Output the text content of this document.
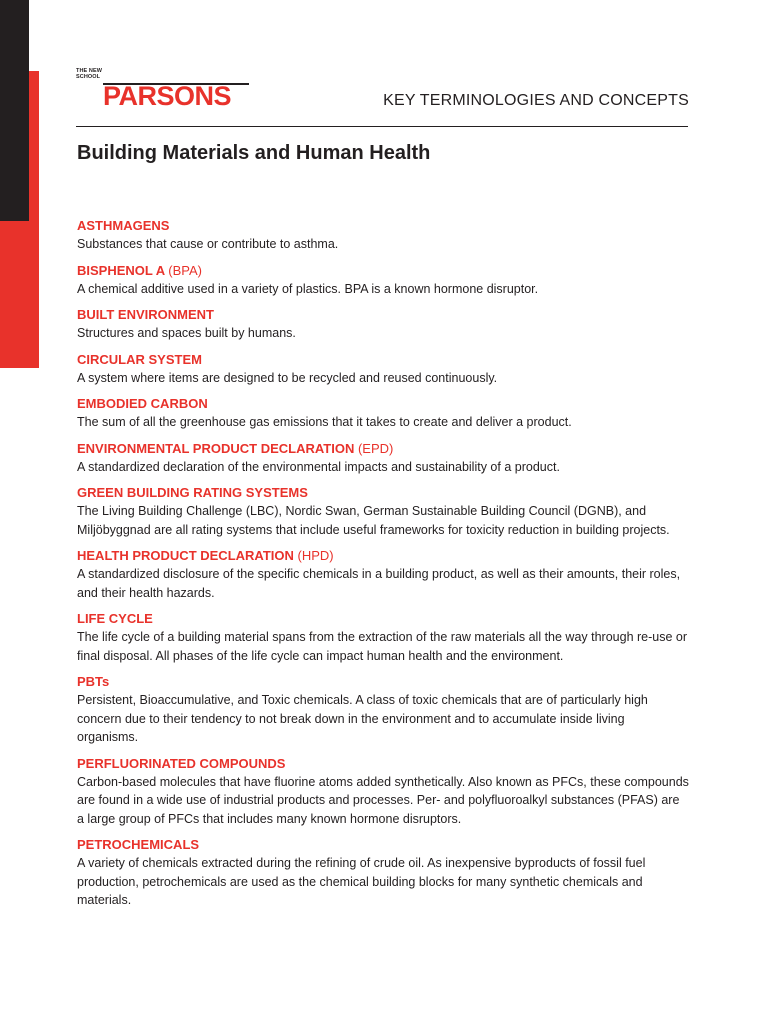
THE NEW SCHOOL
PARSONS	KEY TERMINOLOGIES AND CONCEPTS
Building Materials and Human Health
ASTHMAGENS
Substances that cause or contribute to asthma.
BISPHENOL A (BPA)
A chemical additive used in a variety of plastics. BPA is a known hormone disruptor.
BUILT ENVIRONMENT
Structures and spaces built by humans.
CIRCULAR SYSTEM
A system where items are designed to be recycled and reused continuously.
EMBODIED CARBON
The sum of all the greenhouse gas emissions that it takes to create and deliver a product.
ENVIRONMENTAL PRODUCT DECLARATION (EPD)
A standardized declaration of the environmental impacts and sustainability of a product.
GREEN BUILDING RATING SYSTEMS
The Living Building Challenge (LBC), Nordic Swan, German Sustainable Building Council (DGNB), and Miljöbyggnad are all rating systems that include useful frameworks for toxicity reduction in building projects.
HEALTH PRODUCT DECLARATION (HPD)
A standardized disclosure of the specific chemicals in a building product, as well as their amounts, their roles, and their health hazards.
LIFE CYCLE
The life cycle of a building material spans from the extraction of the raw materials all the way through re-use or final disposal. All phases of the life cycle can impact human health and the environment.
PBTs
Persistent, Bioaccumulative, and Toxic chemicals. A class of toxic chemicals that are of particularly high concern due to their tendency to not break down in the environment and to accumulate inside living organisms.
PERFLUORINATED COMPOUNDS
Carbon-based molecules that have fluorine atoms added synthetically. Also known as PFCs, these compounds are found in a wide use of industrial products and processes. Per- and polyfluoroalkyl substances (PFAS) are a large group of PFCs that includes many known hormone disruptors.
PETROCHEMICALS
A variety of chemicals extracted during the refining of crude oil. As inexpensive byproducts of fossil fuel production, petrochemicals are used as the chemical building blocks for many synthetic chemicals and materials.
